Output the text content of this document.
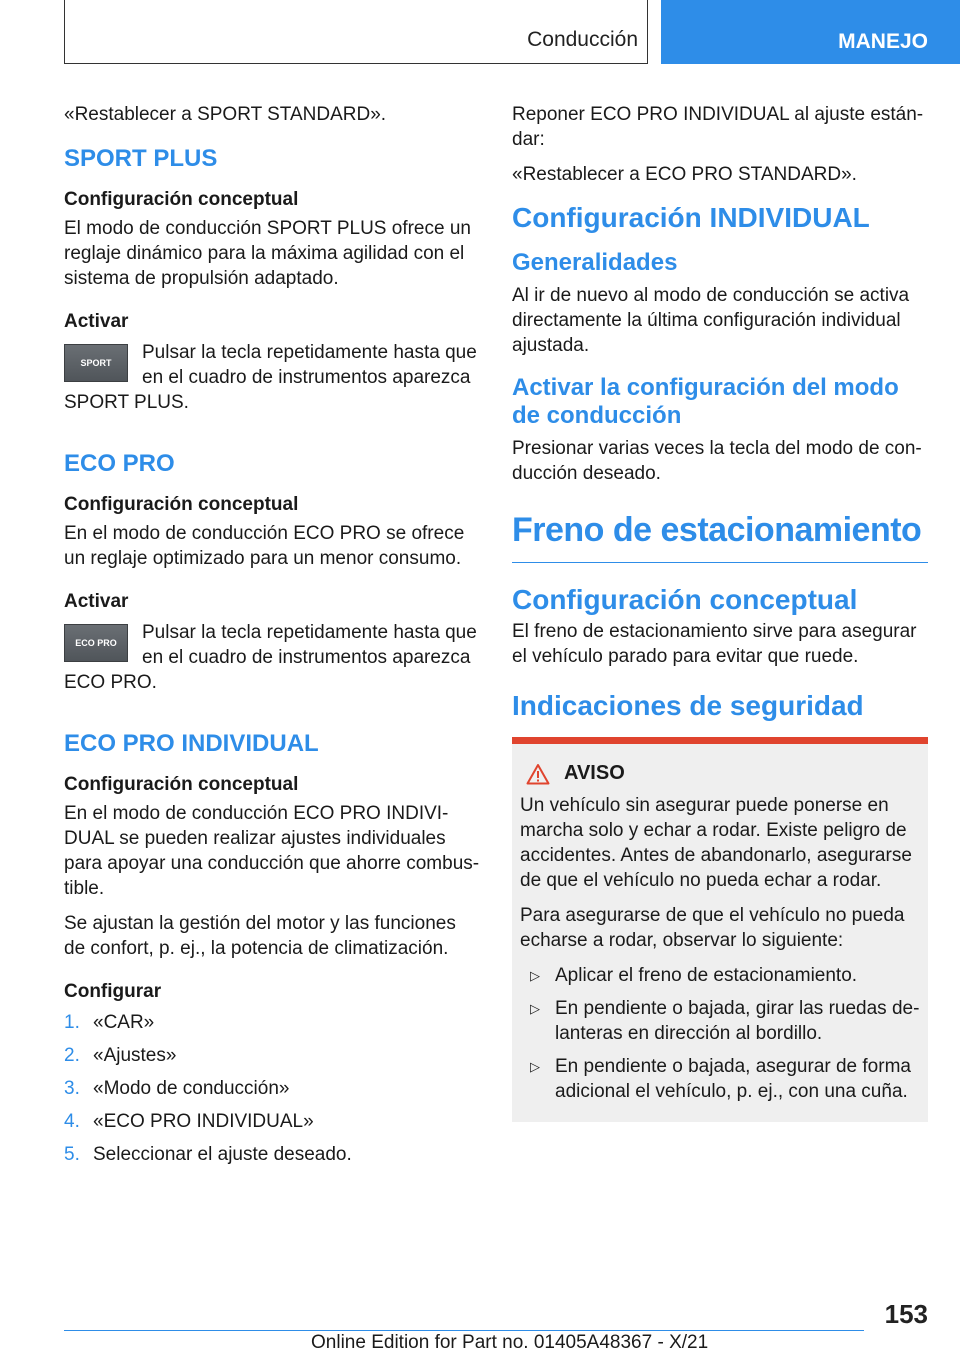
Conducción	MANEJO

«Restablecer a SPORT STANDARD».

SPORT PLUS
Configuración conceptual

El modo de conducción SPORT PLUS ofrece un reglaje dinámico para la máxima agilidad con el sistema de propulsión adaptado.

Activar
SPORT	Pulsar la tecla repetidamente hasta que en el cuadro de instrumentos aparezca SPORT PLUS.

ECO PRO
Configuración conceptual

En el modo de conducción ECO PRO se ofrece un reglaje optimizado para un menor consumo.

Activar
ECO PRO	Pulsar la tecla repetidamente hasta que en el cuadro de instrumentos aparezca ECO PRO.

ECO PRO INDIVIDUAL
Configuración conceptual

En el modo de conducción ECO PRO INDIVI‐DUAL se pueden realizar ajustes individuales para apoyar una conducción que ahorre combus‐tible.

Se ajustan la gestión del motor y las funciones de confort, p. ej., la potencia de climatización.

Configurar
1. «CAR»
2. «Ajustes»
3. «Modo de conducción»
4. «ECO PRO INDIVIDUAL»
5. Seleccionar el ajuste deseado.

Reponer ECO PRO INDIVIDUAL al ajuste están‐dar:

«Restablecer a ECO PRO STANDARD».

Configuración INDIVIDUAL
Generalidades

Al ir de nuevo al modo de conducción se activa directamente la última configuración individual ajustada.

Activar la configuración del modo de conducción

Presionar varias veces la tecla del modo de con‐ducción deseado.

Freno de estacionamiento
Configuración conceptual

El freno de estacionamiento sirve para asegurar el vehículo parado para evitar que ruede.

Indicaciones de seguridad
AVISO

Un vehículo sin asegurar puede ponerse en marcha solo y echar a rodar. Existe peligro de accidentes. Antes de abandonarlo, asegurarse de que el vehículo no pueda echar a rodar.

Para asegurarse de que el vehículo no pueda echarse a rodar, observar lo siguiente:

▷ Aplicar el freno de estacionamiento.
▷ En pendiente o bajada, girar las ruedas de‐lanteras en dirección al bordillo.
▷ En pendiente o bajada, asegurar de forma adicional el vehículo, p. ej., con una cuña.
153
Online Edition for Part no. 01405A48367 - X/21
